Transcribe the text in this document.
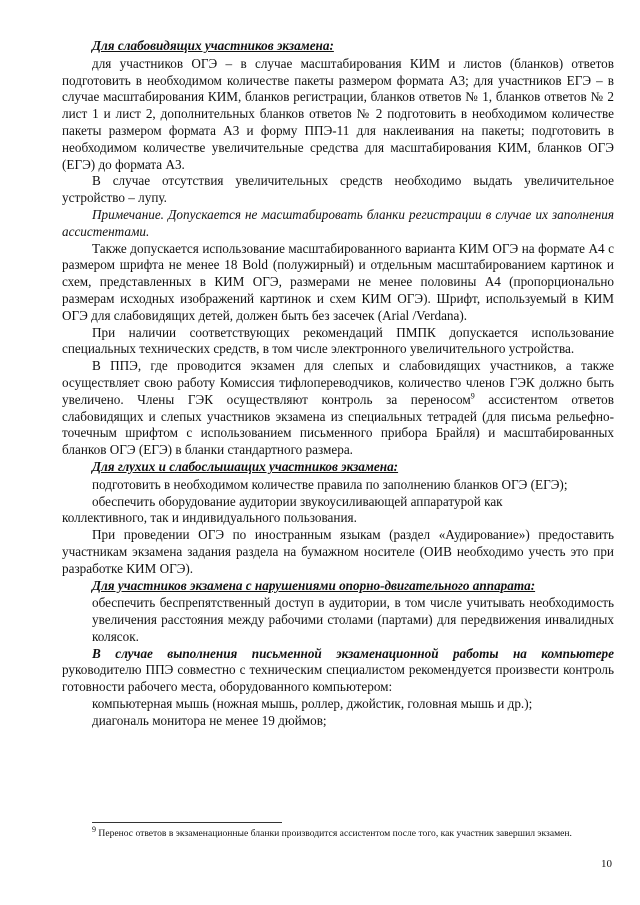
Для слабовидящих участников экзамена:

для участников ОГЭ – в случае масштабирования КИМ и листов (бланков) ответов подготовить в необходимом количестве пакеты размером формата А3; для участников ЕГЭ – в случае масштабирования КИМ, бланков регистрации, бланков ответов № 1, бланков ответов № 2 лист 1 и лист 2, дополнительных бланков ответов № 2 подготовить в необходимом количестве пакеты размером формата А3 и форму ППЭ-11 для наклеивания на пакеты; подготовить в необходимом количестве увеличительные средства для масштабирования КИМ, бланков ОГЭ (ЕГЭ) до формата А3.

В случае отсутствия увеличительных средств необходимо выдать увеличительное устройство – лупу.

Примечание. Допускается не масштабировать бланки регистрации в случае их заполнения ассистентами.

Также допускается использование масштабированного варианта КИМ ОГЭ на формате А4 с размером шрифта не менее 18 Bold (полужирный) и отдельным масштабированием картинок и схем, представленных в КИМ ОГЭ, размерами не менее половины А4 (пропорционально размерам исходных изображений картинок и схем КИМ ОГЭ). Шрифт, используемый в КИМ ОГЭ для слабовидящих детей, должен быть без засечек (Arial /Verdana).

При наличии соответствующих рекомендаций ПМПК допускается использование специальных технических средств, в том числе электронного увеличительного устройства.

В ППЭ, где проводится экзамен для слепых и слабовидящих участников, а также осуществляет свою работу Комиссия тифлопереводчиков, количество членов ГЭК должно быть увеличено. Члены ГЭК осуществляют контроль за переносом$^9$ ассистентом ответов слабовидящих и слепых участников экзамена из специальных тетрадей (для письма рельефно-точечным шрифтом с использованием письменного прибора Брайля) и масштабированных бланков ОГЭ (ЕГЭ) в бланки стандартного размера.

Для глухих и слабослышащих участников экзамена:

подготовить в необходимом количестве правила по заполнению бланков ОГЭ (ЕГЭ);

обеспечить оборудование аудитории звукоусиливающей аппаратурой как

коллективного, так и индивидуального пользования.

При проведении ОГЭ по иностранным языкам (раздел «Аудирование») предоставить участникам экзамена задания раздела на бумажном носителе (ОИВ необходимо учесть это при разработке КИМ ОГЭ).

Для участников экзамена с нарушениями опорно-двигательного аппарата:

обеспечить беспрепятственный доступ в аудитории, в том числе учитывать необходимость увеличения расстояния между рабочими столами (партами) для передвижения инвалидных колясок.

В случае выполнения письменной экзаменационной работы на компьютере руководителю ППЭ совместно с техническим специалистом рекомендуется произвести контроль готовности рабочего места, оборудованного компьютером:

компьютерная мышь (ножная мышь, роллер, джойстик, головная мышь и др.);

диагональ монитора не менее 19 дюймов;

$^9$ Перенос ответов в экзаменационные бланки производится ассистентом после того, как участник завершил экзамен.

10
